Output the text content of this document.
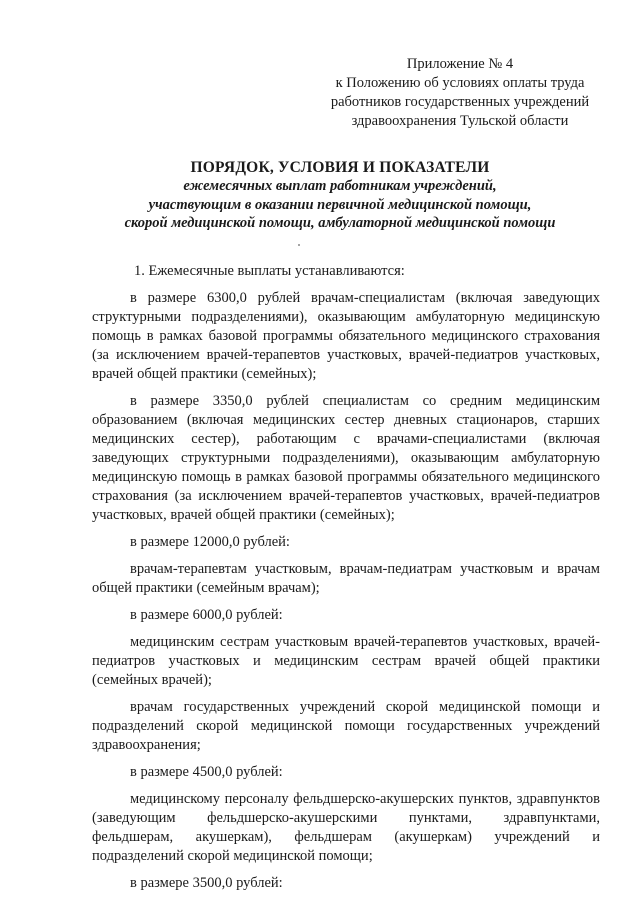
Приложение № 4
к Положению об условиях оплаты труда
работников государственных учреждений
здравоохранения Тульской области
ПОРЯДОК, УСЛОВИЯ И ПОКАЗАТЕЛИ
ежемесячных выплат работникам учреждений,
участвующим в оказании первичной медицинской помощи,
скорой медицинской помощи, амбулаторной медицинской помощи

1. Ежемесячные выплаты устанавливаются:

в размере 6300,0 рублей врачам-специалистам (включая заведующих структурными подразделениями), оказывающим амбулаторную медицинскую помощь в рамках базовой программы обязательного медицинского страхования (за исключением врачей-терапевтов участковых, врачей-педиатров участковых, врачей общей практики (семейных);

в размере 3350,0 рублей специалистам со средним медицинским образованием (включая медицинских сестер дневных стационаров, старших медицинских сестер), работающим с врачами-специалистами (включая заведующих структурными подразделениями), оказывающим амбулаторную медицинскую помощь в рамках базовой программы обязательного медицинского страхования (за исключением врачей-терапевтов участковых, врачей-педиатров участковых, врачей общей практики (семейных);

в размере 12000,0 рублей:

врачам-терапевтам участковым, врачам-педиатрам участковым и врачам общей практики (семейным врачам);

в размере 6000,0 рублей:

медицинским сестрам участковым врачей-терапевтов участковых, врачей-педиатров участковых и медицинским сестрам врачей общей практики (семейных врачей);

врачам государственных учреждений скорой медицинской помощи и подразделений скорой медицинской помощи государственных учреждений здравоохранения;

в размере 4500,0 рублей:

медицинскому персоналу фельдшерско-акушерских пунктов, здравпунктов (заведующим фельдшерско-акушерскими пунктами, здравпунктами, фельдшерам, акушеркам), фельдшерам (акушеркам) учреждений и подразделений скорой медицинской помощи;

в размере 3500,0 рублей:
